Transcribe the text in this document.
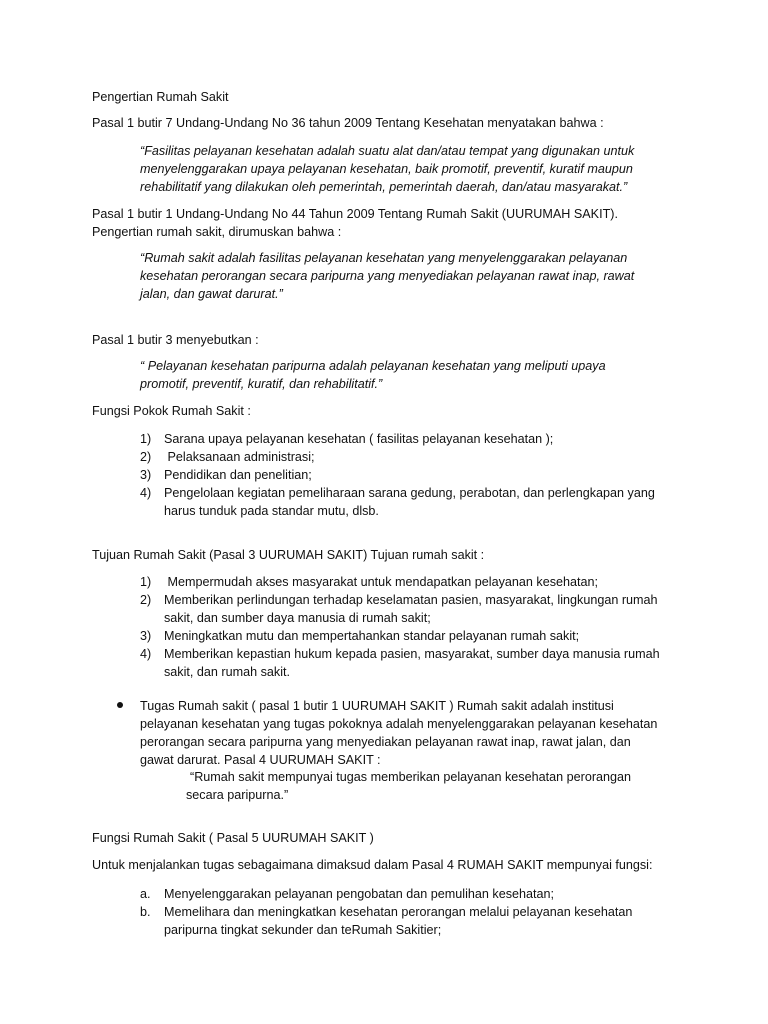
Pengertian Rumah Sakit
Pasal 1 butir 7 Undang-Undang No 36 tahun 2009 Tentang Kesehatan menyatakan bahwa :
“Fasilitas pelayanan kesehatan adalah suatu alat dan/atau tempat yang digunakan untuk
menyelenggarakan upaya pelayanan kesehatan, baik promotif, preventif, kuratif maupun
rehabilitatif yang dilakukan oleh pemerintah, pemerintah daerah, dan/atau masyarakat.”
Pasal 1 butir 1 Undang-Undang No 44 Tahun 2009 Tentang Rumah Sakit (UURUMAH SAKIT).
Pengertian rumah sakit, dirumuskan bahwa :
“Rumah sakit adalah fasilitas pelayanan kesehatan yang menyelenggarakan pelayanan
kesehatan perorangan secara paripurna yang menyediakan pelayanan rawat inap, rawat
jalan, dan gawat darurat.”
Pasal 1 butir 3 menyebutkan :
“ Pelayanan kesehatan paripurna adalah pelayanan kesehatan yang meliputi upaya
promotif, preventif, kuratif, dan rehabilitatif.”
Fungsi Pokok Rumah Sakit :
1) Sarana upaya pelayanan kesehatan ( fasilitas pelayanan kesehatan );
2) Pelaksanaan administrasi;
3) Pendidikan dan penelitian;
4) Pengelolaan kegiatan pemeliharaan sarana gedung, perabotan, dan perlengkapan yang
harus tunduk pada standar mutu, dlsb.
Tujuan Rumah Sakit (Pasal 3 UURUMAH SAKIT) Tujuan rumah sakit :
1) Mempermudah akses masyarakat untuk mendapatkan pelayanan kesehatan;
2) Memberikan perlindungan terhadap keselamatan pasien, masyarakat, lingkungan rumah
sakit, dan sumber daya manusia di rumah sakit;
3) Meningkatkan mutu dan mempertahankan standar pelayanan rumah sakit;
4) Memberikan kepastian hukum kepada pasien, masyarakat, sumber daya manusia rumah
sakit, dan rumah sakit.
Tugas Rumah sakit ( pasal 1 butir 1 UURUMAH SAKIT ) Rumah sakit adalah institusi
pelayanan kesehatan yang tugas pokoknya adalah menyelenggarakan pelayanan kesehatan
perorangan secara paripurna yang menyediakan pelayanan rawat inap, rawat jalan, dan
gawat darurat. Pasal 4 UURUMAH SAKIT :
“Rumah sakit mempunyai tugas memberikan pelayanan kesehatan perorangan
secara paripurna.”
Fungsi Rumah Sakit ( Pasal 5 UURUMAH SAKIT )
Untuk menjalankan tugas sebagaimana dimaksud dalam Pasal 4 RUMAH SAKIT mempunyai fungsi:
a. Menyelenggarakan pelayanan pengobatan dan pemulihan kesehatan;
b. Memelihara dan meningkatkan kesehatan perorangan melalui pelayanan kesehatan
paripurna tingkat sekunder dan teRumah Sakitier;
